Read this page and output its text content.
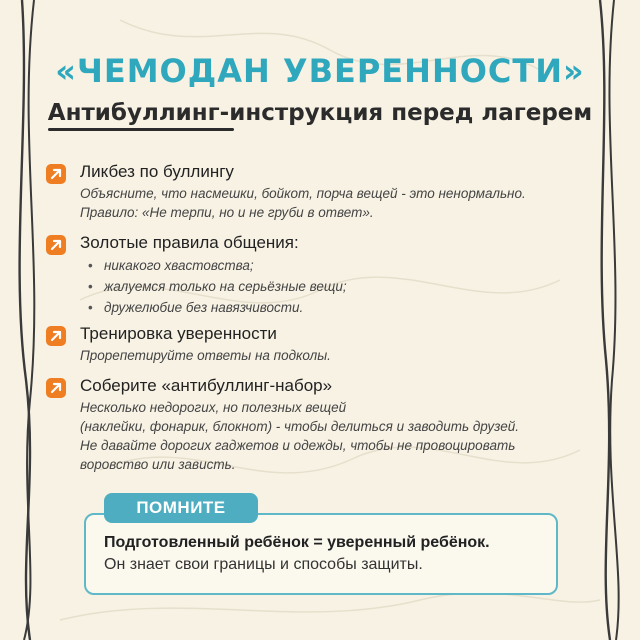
«ЧЕМОДАН УВЕРЕННОСТИ»
Антибуллинг-инструкция перед лагерем

Ликбез по буллингу

Объясните, что насмешки, бойкот, порча вещей - это ненормально.
Правило: «Не терпи, но и не груби в ответ».

Золотые правила общения:

• никакого хвастовства;
• жалуемся только на серьёзные вещи;
• дружелюбие без навязчивости.

Тренировка уверенности

Прорепетируйте ответы на подколы.

Соберите «антибуллинг-набор»

Несколько недорогих, но полезных вещей
(наклейки, фонарик, блокнот) - чтобы делиться и заводить друзей.
Не давайте дорогих гаджетов и одежды, чтобы не провоцировать
воровство или зависть.
ПОМНИТЕ

Подготовленный ребёнок = уверенный ребёнок.

Он знает свои границы и способы защиты.
